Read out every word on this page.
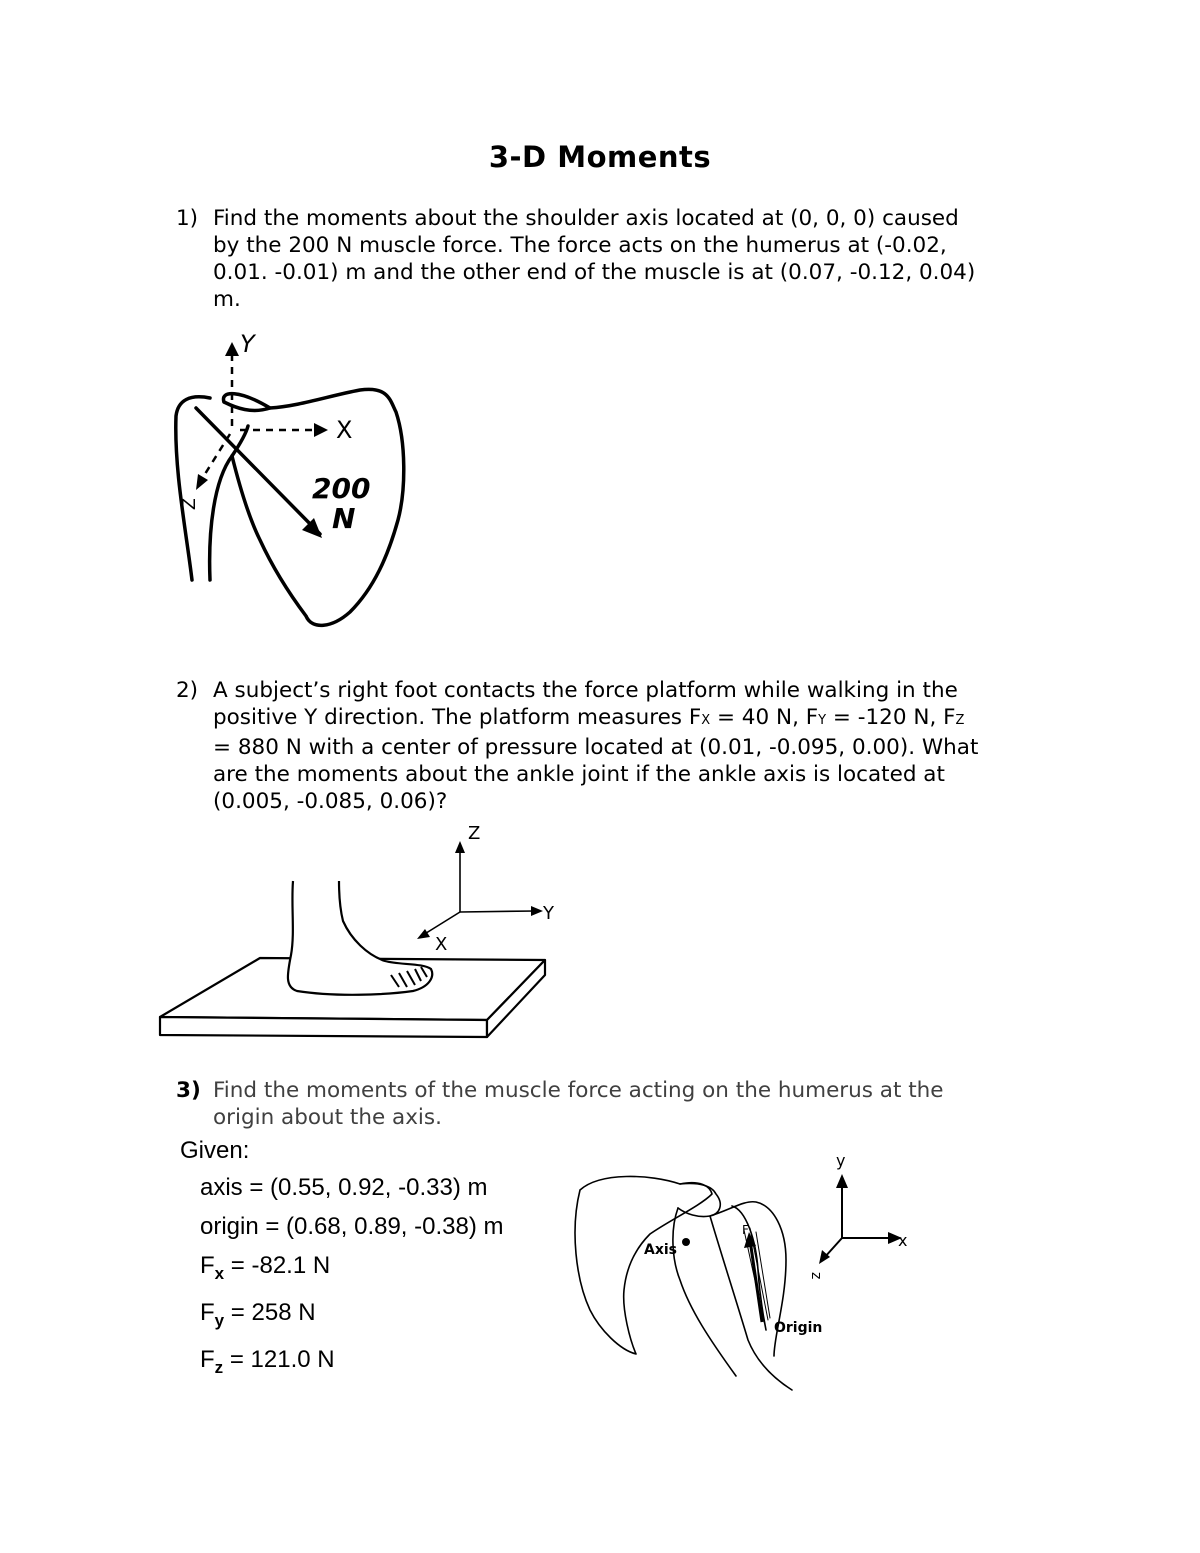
3-D Moments
1) Find the moments about the shoulder axis located at (0, 0, 0) caused
by the 200 N muscle force. The force acts on the humerus at (-0.02,
0.01. -0.01) m and the other end of the muscle is at (0.07, -0.12, 0.04)
m.
Y
X
Z	200
N
2) A subject’s right foot contacts the force platform while walking in the
positive Y direction. The platform measures FX = 40 N, FY = -120 N, FZ
= 880 N with a center of pressure located at (0.01, -0.095, 0.00). What
are the moments about the ankle joint if the ankle axis is located at
(0.005, -0.085, 0.06)?
Z
Y
X
3) Find the moments of the muscle force acting on the humerus at the
origin about the axis.
Given:
axis = (0.55, 0.92, -0.33) m
origin = (0.68, 0.89, -0.38) m
$F_x = -82.1$ N
$F_y = 258$ N
$F_z = 121.0$ N
Axis
F
Origin
y
x
z
